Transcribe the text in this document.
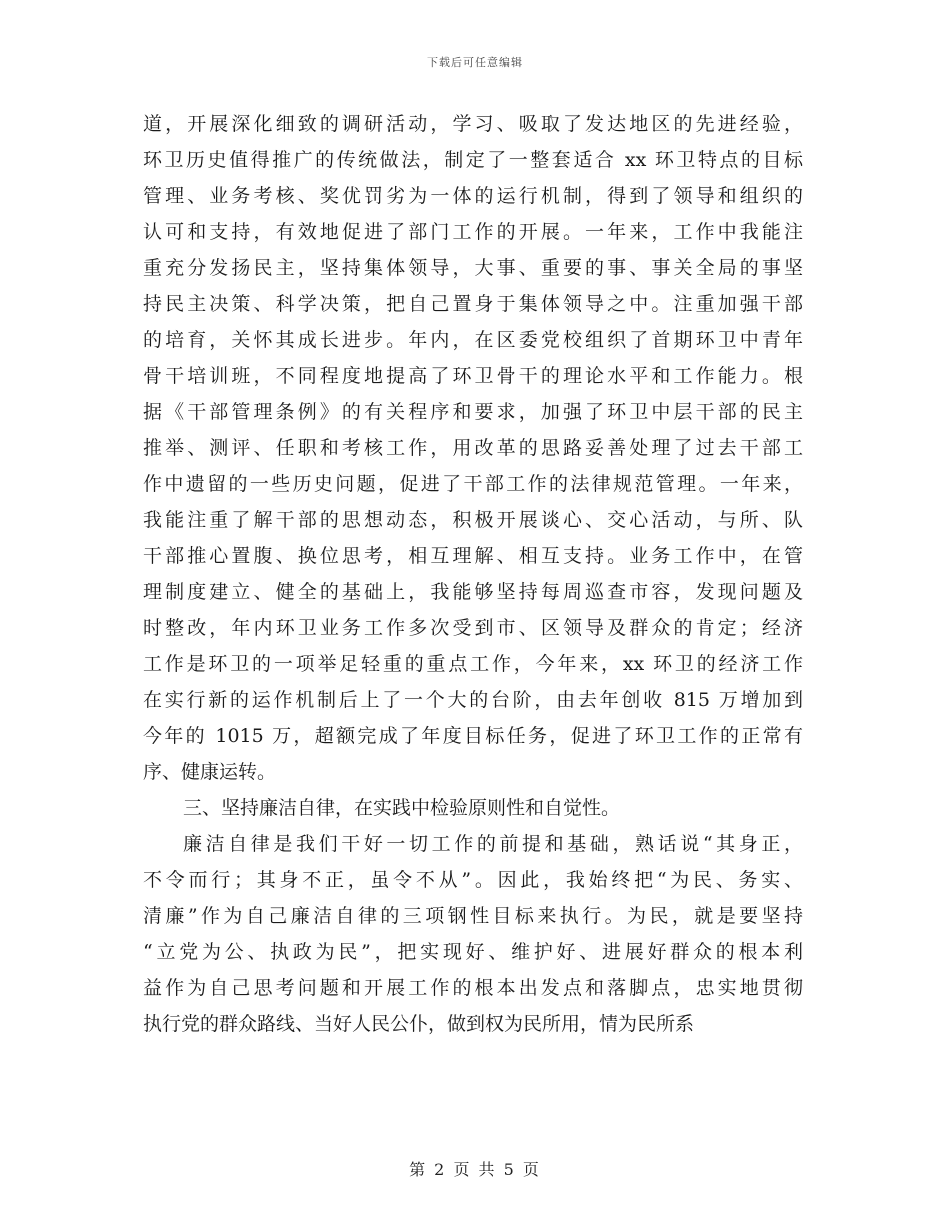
下载后可任意编辑
道，开展深化细致的调研活动，学习、吸取了发达地区的先进经验，
环卫历史值得推广的传统做法，制定了一整套适合 xx 环卫特点的目标
管理、业务考核、奖优罚劣为一体的运行机制，得到了领导和组织的
认可和支持，有效地促进了部门工作的开展。一年来，工作中我能注
重充分发扬民主，坚持集体领导，大事、重要的事、事关全局的事坚
持民主决策、科学决策，把自己置身于集体领导之中。注重加强干部
的培育，关怀其成长进步。年内，在区委党校组织了首期环卫中青年
骨干培训班，不同程度地提高了环卫骨干的理论水平和工作能力。根
据《干部管理条例》的有关程序和要求，加强了环卫中层干部的民主
推举、测评、任职和考核工作，用改革的思路妥善处理了过去干部工
作中遗留的一些历史问题，促进了干部工作的法律规范管理。一年来，
我能注重了解干部的思想动态，积极开展谈心、交心活动，与所、队
干部推心置腹、换位思考，相互理解、相互支持。业务工作中，在管
理制度建立、健全的基础上，我能够坚持每周巡查市容，发现问题及
时整改，年内环卫业务工作多次受到市、区领导及群众的肯定；经济
工作是环卫的一项举足轻重的重点工作，今年来，xx 环卫的经济工作
在实行新的运作机制后上了一个大的台阶，由去年创收 815 万增加到
今年的 1015 万，超额完成了年度目标任务，促进了环卫工作的正常有
序、健康运转。
三、坚持廉洁自律，在实践中检验原则性和自觉性。
廉洁自律是我们干好一切工作的前提和基础，熟话说“其身正，
不令而行；其身不正，虽令不从”。因此，我始终把“为民、务实、
清廉”作为自己廉洁自律的三项钢性目标来执行。为民，就是要坚持
“立党为公、执政为民”，把实现好、维护好、进展好群众的根本利
益作为自己思考问题和开展工作的根本出发点和落脚点，忠实地贯彻
执行党的群众路线、当好人民公仆，做到权为民所用，情为民所系
第 2 页 共 5 页
